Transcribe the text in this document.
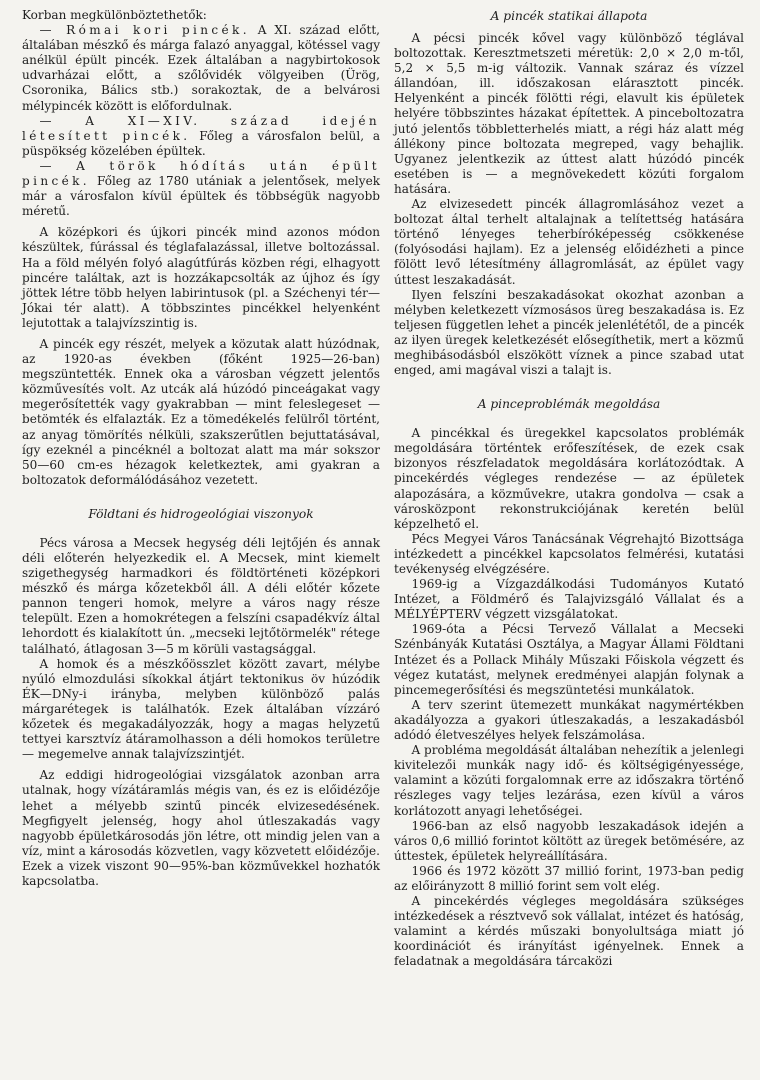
Korban megkülönböztethetők:

— Római kori pincék. A XI. század előtt, általában mészkő és márga falazó anyaggal, kötéssel vagy anélkül épült pincék. Ezek általában a nagybirtokosok udvarházai előtt, a szőlővidék völgyeiben (Ürög, Csoronika, Bálics stb.) sorakoztak, de a belvárosi mélypincék között is előfordulnak.

— A XI—XIV. század idején létesített pincék. Főleg a városfalon belül, a püspökség közelében épültek.

— A török hódítás után épült pincék. Főleg az 1780 utániak a jelentősek, melyek már a városfalon kívül épültek és többségük nagyobb méretű.

A középkori és újkori pincék mind azonos módon készültek, fúrással és téglafalazással, illetve boltozással. Ha a föld mélyén folyó alagútfúrás közben régi, elhagyott pincére találtak, azt is hozzákapcsolták az újhoz és így jöttek létre több helyen labirintusok (pl. a Széchenyi tér—Jókai tér alatt). A többszintes pincékkel helyenként lejutottak a talajvízszintig is.

A pincék egy részét, melyek a közutak alatt húzódnak, az 1920-as években (főként 1925—26-ban) megszüntették. Ennek oka a városban végzett jelentős közművesítés volt. Az utcák alá húzódó pinceágakat vagy megerősítették vagy gyakrabban — mint feleslegeset — betömték és elfalazták. Ez a tömedékelés felülről történt, az anyag tömörítés nélküli, szakszerűtlen bejuttatásával, így ezeknél a pincéknél a boltozat alatt ma már sokszor 50—60 cm-es hézagok keletkeztek, ami gyakran a boltozatok deformálódásához vezetett.

Földtani és hidrogeológiai viszonyok

Pécs városa a Mecsek hegység déli lejtőjén és annak déli előterén helyezkedik el. A Mecsek, mint kiemelt szigethegység harmadkori és földtörténeti középkori mészkő és márga kőzetekből áll. A déli előtér kőzete pannon tengeri homok, melyre a város nagy része települt. Ezen a homokrétegen a felszíni csapadékvíz által lehordott és kialakított ún. „mecseki lejtőtörmelék" rétege található, átlagosan 3—5 m körüli vastagsággal.

A homok és a mészkőösszlet között zavart, mélybe nyúló elmozdulási síkokkal átjárt tektonikus öv húzódik ÉK—DNy-i irányba, melyben különböző palás márgarétegek is találhatók. Ezek általában vízzáró kőzetek és megakadályozzák, hogy a magas helyzetű tettyei karsztvíz átáramolhasson a déli homokos területre — megemelve annak talajvízszintjét.

Az eddigi hidrogeológiai vizsgálatok azonban arra utalnak, hogy vízátáramlás mégis van, és ez is előidézője lehet a mélyebb szintű pincék elvizesedésének. Megfigyelt jelenség, hogy ahol útleszakadás vagy nagyobb épületkárosodás jön létre, ott mindig jelen van a víz, mint a károsodás közvetlen, vagy közvetett előidézője. Ezek a vizek viszont 90—95%-ban közművekkel hozhatók kapcsolatba.

A pincék statikai állapota

A pécsi pincék kővel vagy különböző téglával boltozottak. Keresztmetszeti méretük: 2,0 × 2,0 m-től, 5,2 × 5,5 m-ig változik. Vannak száraz és vízzel állandóan, ill. időszakosan elárasztott pincék. Helyenként a pincék fölötti régi, elavult kis épületek helyére többszintes házakat építettek. A pinceboltozatra jutó jelentős többletterhelés miatt, a régi ház alatt még állékony pince boltozata megreped, vagy behajlik. Ugyanez jelentkezik az úttest alatt húzódó pincék esetében is — a megnövekedett közúti forgalom hatására.

Az elvizesedett pincék állagromlásához vezet a boltozat által terhelt altalajnak a telítettség hatására történő lényeges teherbíróképesség csökkenése (folyósodási hajlam). Ez a jelenség előidézheti a pince fölött levő létesítmény állagromlását, az épület vagy úttest leszakadását.

Ilyen felszíni beszakadásokat okozhat azonban a mélyben keletkezett vízmosásos üreg beszakadása is. Ez teljesen független lehet a pincék jelenlététől, de a pincék az ilyen üregek keletkezését elősegíthetik, mert a közmű meghibásodásból elszökött víznek a pince szabad utat enged, ami magával viszi a talajt is.

A pinceproblémák megoldása

A pincékkal és üregekkel kapcsolatos problémák megoldására történtek erőfeszítések, de ezek csak bizonyos részfeladatok megoldására korlátozódtak. A pincekérdés végleges rendezése — az épületek alapozására, a közművekre, utakra gondolva — csak a városközpont rekonstrukciójának keretén belül képzelhető el.

Pécs Megyei Város Tanácsának Végrehajtó Bizottsága intézkedett a pincékkel kapcsolatos felmérési, kutatási tevékenység elvégzésére.

1969-ig a Vízgazdálkodási Tudományos Kutató Intézet, a Földmérő és Talajvizsgáló Vállalat és a MÉLYÉPTERV végzett vizsgálatokat.

1969-óta a Pécsi Tervező Vállalat a Mecseki Szénbányák Kutatási Osztálya, a Magyar Állami Földtani Intézet és a Pollack Mihály Műszaki Főiskola végzett és végez kutatást, melynek eredményei alapján folynak a pincemegerősítési és megszüntetési munkálatok.

A terv szerint ütemezett munkákat nagymértékben akadályozza a gyakori útleszakadás, a leszakadásból adódó életveszélyes helyek felszámolása.

A probléma megoldását általában nehezítik a jelenlegi kivitelezői munkák nagy idő- és költségigényessége, valamint a közúti forgalomnak erre az időszakra történő részleges vagy teljes lezárása, ezen kívül a város korlátozott anyagi lehetőségei.

1966-ban az első nagyobb leszakadások idején a város 0,6 millió forintot költött az üregek betömésére, az úttestek, épületek helyreállítására.

1966 és 1972 között 37 millió forint, 1973-ban pedig az előirányzott 8 millió forint sem volt elég.

A pincekérdés végleges megoldására szükséges intézkedések a résztvevő sok vállalat, intézet és hatóság, valamint a kérdés műszaki bonyolultsága miatt jó koordinációt és irányítást igényelnek. Ennek a feladatnak a megoldására tárcaközi
